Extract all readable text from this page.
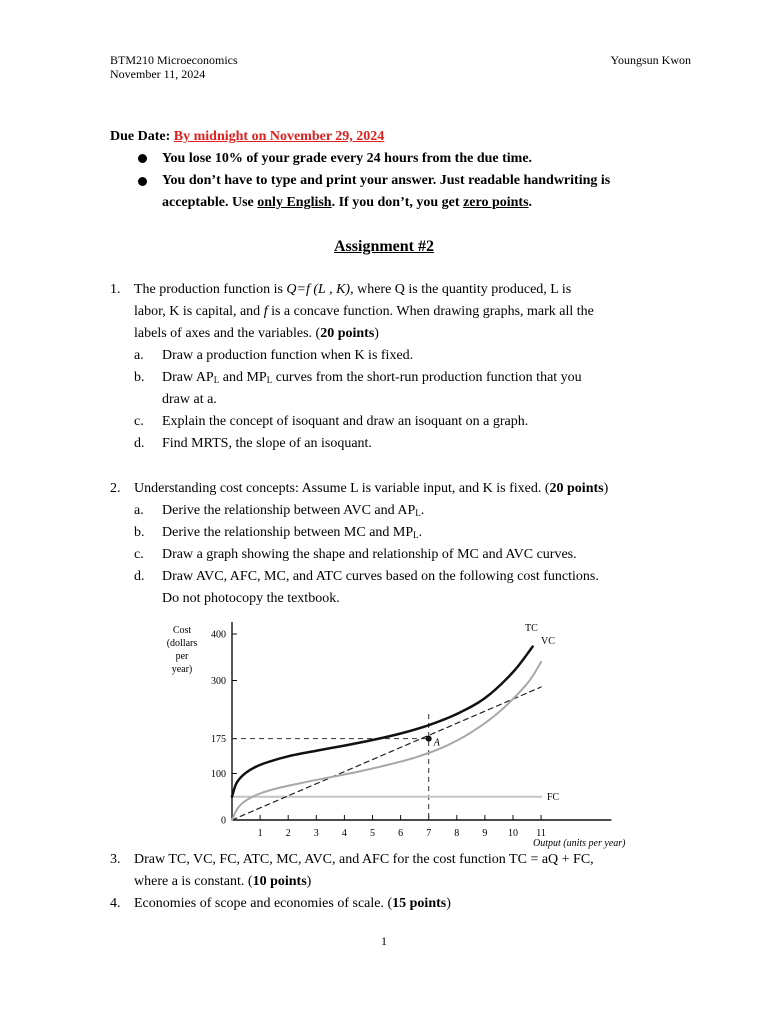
BTM210 Microeconomics
November 11, 2024
Youngsun Kwon
Due Date: By midnight on November 29, 2024
You lose 10% of your grade every 24 hours from the due time.
You don’t have to type and print your answer. Just readable handwriting is
acceptable. Use only English. If you don’t, you get zero points.
Assignment #2
1. The production function is Q=f (L , K), where Q is the quantity produced, L is
labor, K is capital, and f is a concave function. When drawing graphs, mark all the
labels of axes and the variables. (20 points)
a. Draw a production function when K is fixed.
b. Draw $AP_L$ and $MP_L$ curves from the short-run production function that you
draw at a.
c. Explain the concept of isoquant and draw an isoquant on a graph.
d. Find MRTS, the slope of an isoquant.
2. Understanding cost concepts: Assume L is variable input, and K is fixed. (20 points)
a. Derive the relationship between AVC and $AP_L$.
b. Derive the relationship between MC and $MP_L$.
c. Draw a graph showing the shape and relationship of MC and AVC curves.
d. Draw AVC, AFC, MC, and ATC curves based on the following cost functions.
Do not photocopy the textbook.
Cost
(dollars
per
year)
0
100
175
300
400
1 2 3 4 5 6 7 8 9 10 11
A
TC
VC
FC
Output (units per year)
3. Draw TC, VC, FC, ATC, MC, AVC, and AFC for the cost function TC = aQ + FC,
where a is constant. (10 points)
4. Economies of scope and economies of scale. (15 points)
1
